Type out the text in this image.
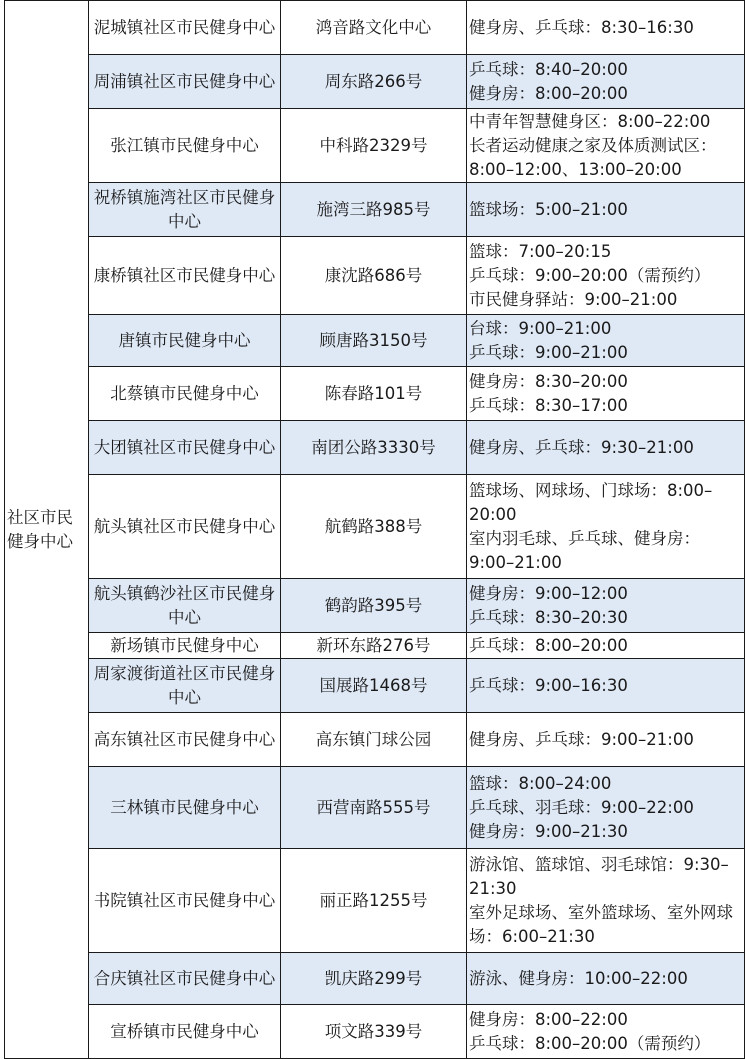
社区市民健身中心	泥城镇社区市民健身中心	鸿音路文化中心	健身房、乒乓球：8:30–16:30
	周浦镇社区市民健身中心	周东路266号	乒乓球：8:40–20:00
健身房：8:00–20:00
	张江镇市民健身中心	中科路2329号	中青年智慧健身区：8:00–22:00
长者运动健康之家及体质测试区：8:00–12:00、13:00–20:00
	祝桥镇施湾社区市民健身中心	施湾三路985号	篮球场：5:00–21:00
	康桥镇社区市民健身中心	康沈路686号	篮球：7:00–20:15
乒乓球：9:00–20:00（需预约）
市民健身驿站：9:00–21:00
	唐镇市民健身中心	顾唐路3150号	台球：9:00–21:00
乒乓球：9:00–21:00
	北蔡镇市民健身中心	陈春路101号	健身房：8:30–20:00
乒乓球：8:30–17:00
	大团镇社区市民健身中心	南团公路3330号	健身房、乒乓球：9:30–21:00
	航头镇社区市民健身中心	航鹤路388号	篮球场、网球场、门球场：8:00–20:00
室内羽毛球、乒乓球、健身房：9:00–21:00
	航头镇鹤沙社区市民健身中心	鹤韵路395号	健身房：9:00–12:00
乒乓球：8:30–20:30
	新场镇市民健身中心	新环东路276号	乒乓球：8:00–20:00
	周家渡街道社区市民健身中心	国展路1468号	乒乓球：9:00–16:30
	高东镇社区市民健身中心	高东镇门球公园	健身房、乒乓球：9:00–21:00
	三林镇市民健身中心	西营南路555号	篮球：8:00–24:00
乒乓球、羽毛球：9:00–22:00
健身房：9:00–21:30
	书院镇社区市民健身中心	丽正路1255号	游泳馆、篮球馆、羽毛球馆：9:30–21:30
室外足球场、室外篮球场、室外网球场：6:00–21:30
	合庆镇社区市民健身中心	凯庆路299号	游泳、健身房：10:00–22:00
	宣桥镇市民健身中心	项文路339号	健身房：8:00–22:00
乒乓球：8:00–20:00（需预约）
